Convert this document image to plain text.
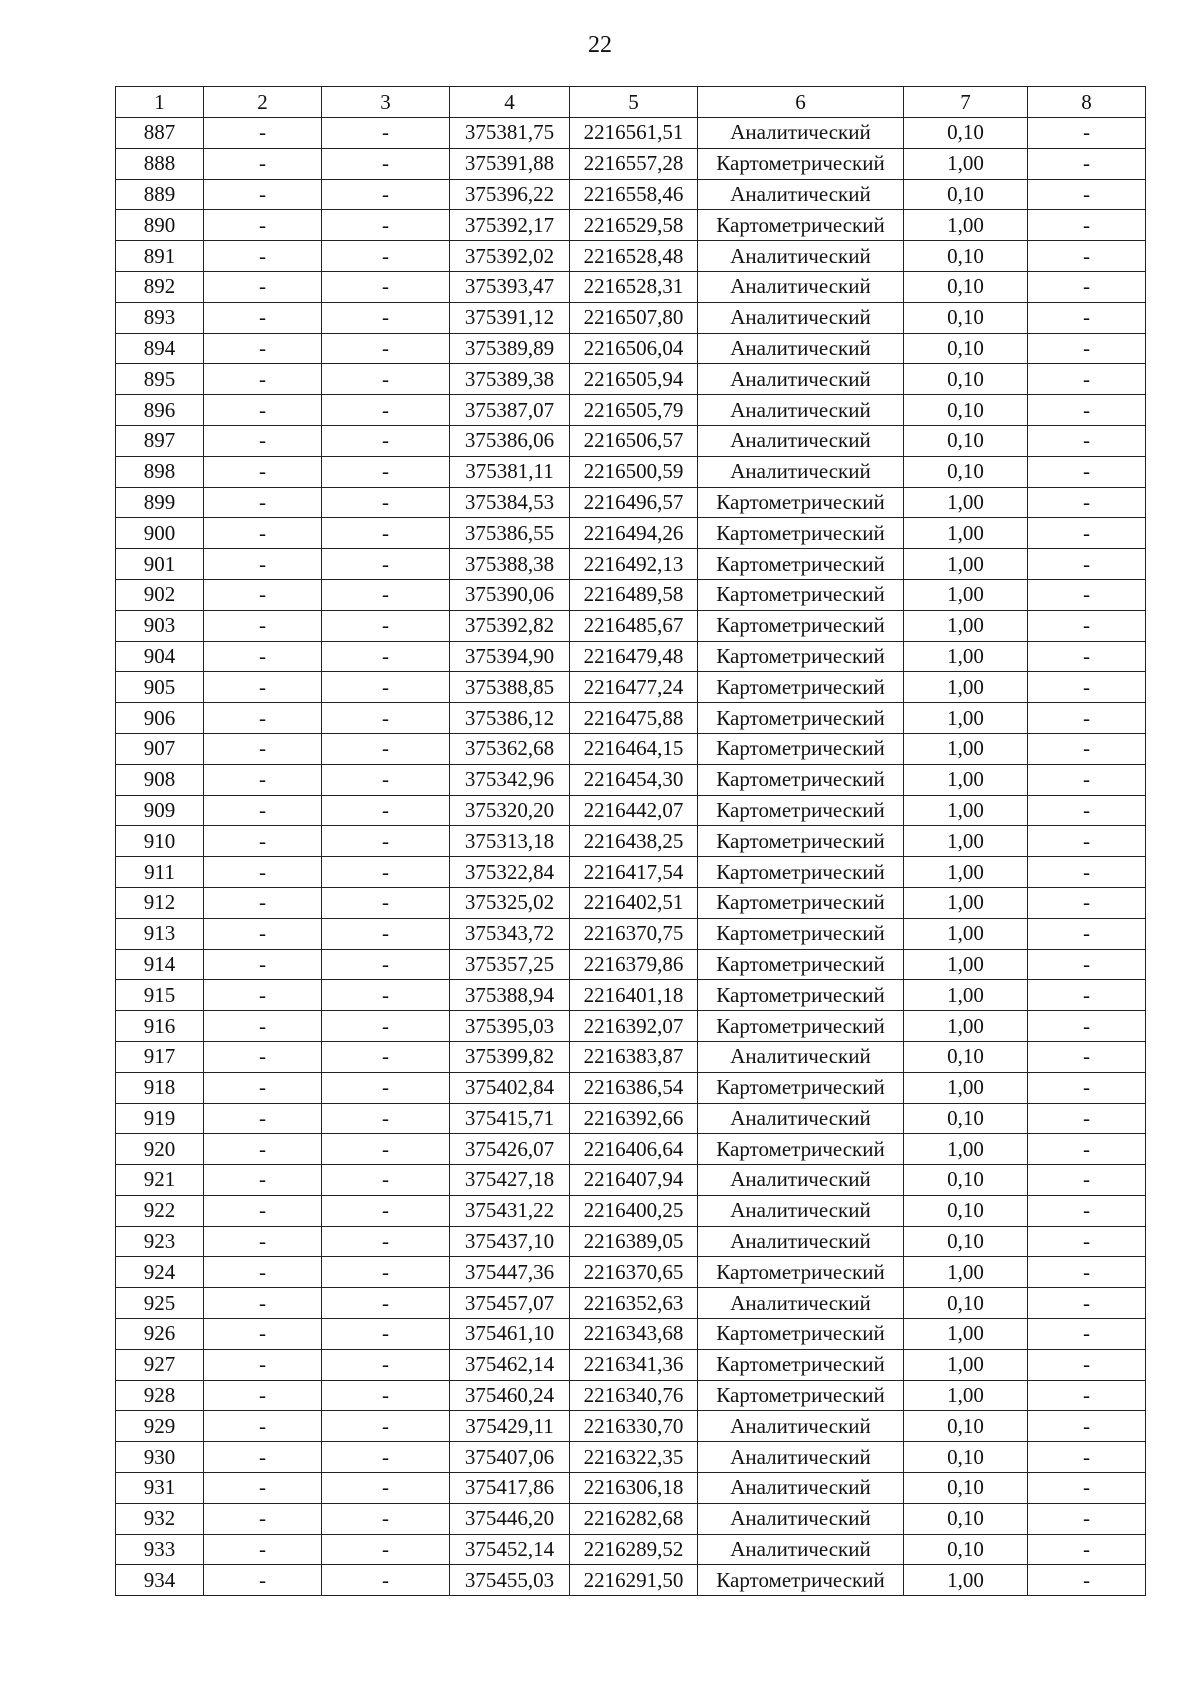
22
1	2	3	4	5	6	7	8
887	-	-	375381,75	2216561,51	Аналитический	0,10	-
888	-	-	375391,88	2216557,28	Картометрический	1,00	-
889	-	-	375396,22	2216558,46	Аналитический	0,10	-
890	-	-	375392,17	2216529,58	Картометрический	1,00	-
891	-	-	375392,02	2216528,48	Аналитический	0,10	-
892	-	-	375393,47	2216528,31	Аналитический	0,10	-
893	-	-	375391,12	2216507,80	Аналитический	0,10	-
894	-	-	375389,89	2216506,04	Аналитический	0,10	-
895	-	-	375389,38	2216505,94	Аналитический	0,10	-
896	-	-	375387,07	2216505,79	Аналитический	0,10	-
897	-	-	375386,06	2216506,57	Аналитический	0,10	-
898	-	-	375381,11	2216500,59	Аналитический	0,10	-
899	-	-	375384,53	2216496,57	Картометрический	1,00	-
900	-	-	375386,55	2216494,26	Картометрический	1,00	-
901	-	-	375388,38	2216492,13	Картометрический	1,00	-
902	-	-	375390,06	2216489,58	Картометрический	1,00	-
903	-	-	375392,82	2216485,67	Картометрический	1,00	-
904	-	-	375394,90	2216479,48	Картометрический	1,00	-
905	-	-	375388,85	2216477,24	Картометрический	1,00	-
906	-	-	375386,12	2216475,88	Картометрический	1,00	-
907	-	-	375362,68	2216464,15	Картометрический	1,00	-
908	-	-	375342,96	2216454,30	Картометрический	1,00	-
909	-	-	375320,20	2216442,07	Картометрический	1,00	-
910	-	-	375313,18	2216438,25	Картометрический	1,00	-
911	-	-	375322,84	2216417,54	Картометрический	1,00	-
912	-	-	375325,02	2216402,51	Картометрический	1,00	-
913	-	-	375343,72	2216370,75	Картометрический	1,00	-
914	-	-	375357,25	2216379,86	Картометрический	1,00	-
915	-	-	375388,94	2216401,18	Картометрический	1,00	-
916	-	-	375395,03	2216392,07	Картометрический	1,00	-
917	-	-	375399,82	2216383,87	Аналитический	0,10	-
918	-	-	375402,84	2216386,54	Картометрический	1,00	-
919	-	-	375415,71	2216392,66	Аналитический	0,10	-
920	-	-	375426,07	2216406,64	Картометрический	1,00	-
921	-	-	375427,18	2216407,94	Аналитический	0,10	-
922	-	-	375431,22	2216400,25	Аналитический	0,10	-
923	-	-	375437,10	2216389,05	Аналитический	0,10	-
924	-	-	375447,36	2216370,65	Картометрический	1,00	-
925	-	-	375457,07	2216352,63	Аналитический	0,10	-
926	-	-	375461,10	2216343,68	Картометрический	1,00	-
927	-	-	375462,14	2216341,36	Картометрический	1,00	-
928	-	-	375460,24	2216340,76	Картометрический	1,00	-
929	-	-	375429,11	2216330,70	Аналитический	0,10	-
930	-	-	375407,06	2216322,35	Аналитический	0,10	-
931	-	-	375417,86	2216306,18	Аналитический	0,10	-
932	-	-	375446,20	2216282,68	Аналитический	0,10	-
933	-	-	375452,14	2216289,52	Аналитический	0,10	-
934	-	-	375455,03	2216291,50	Картометрический	1,00	-
